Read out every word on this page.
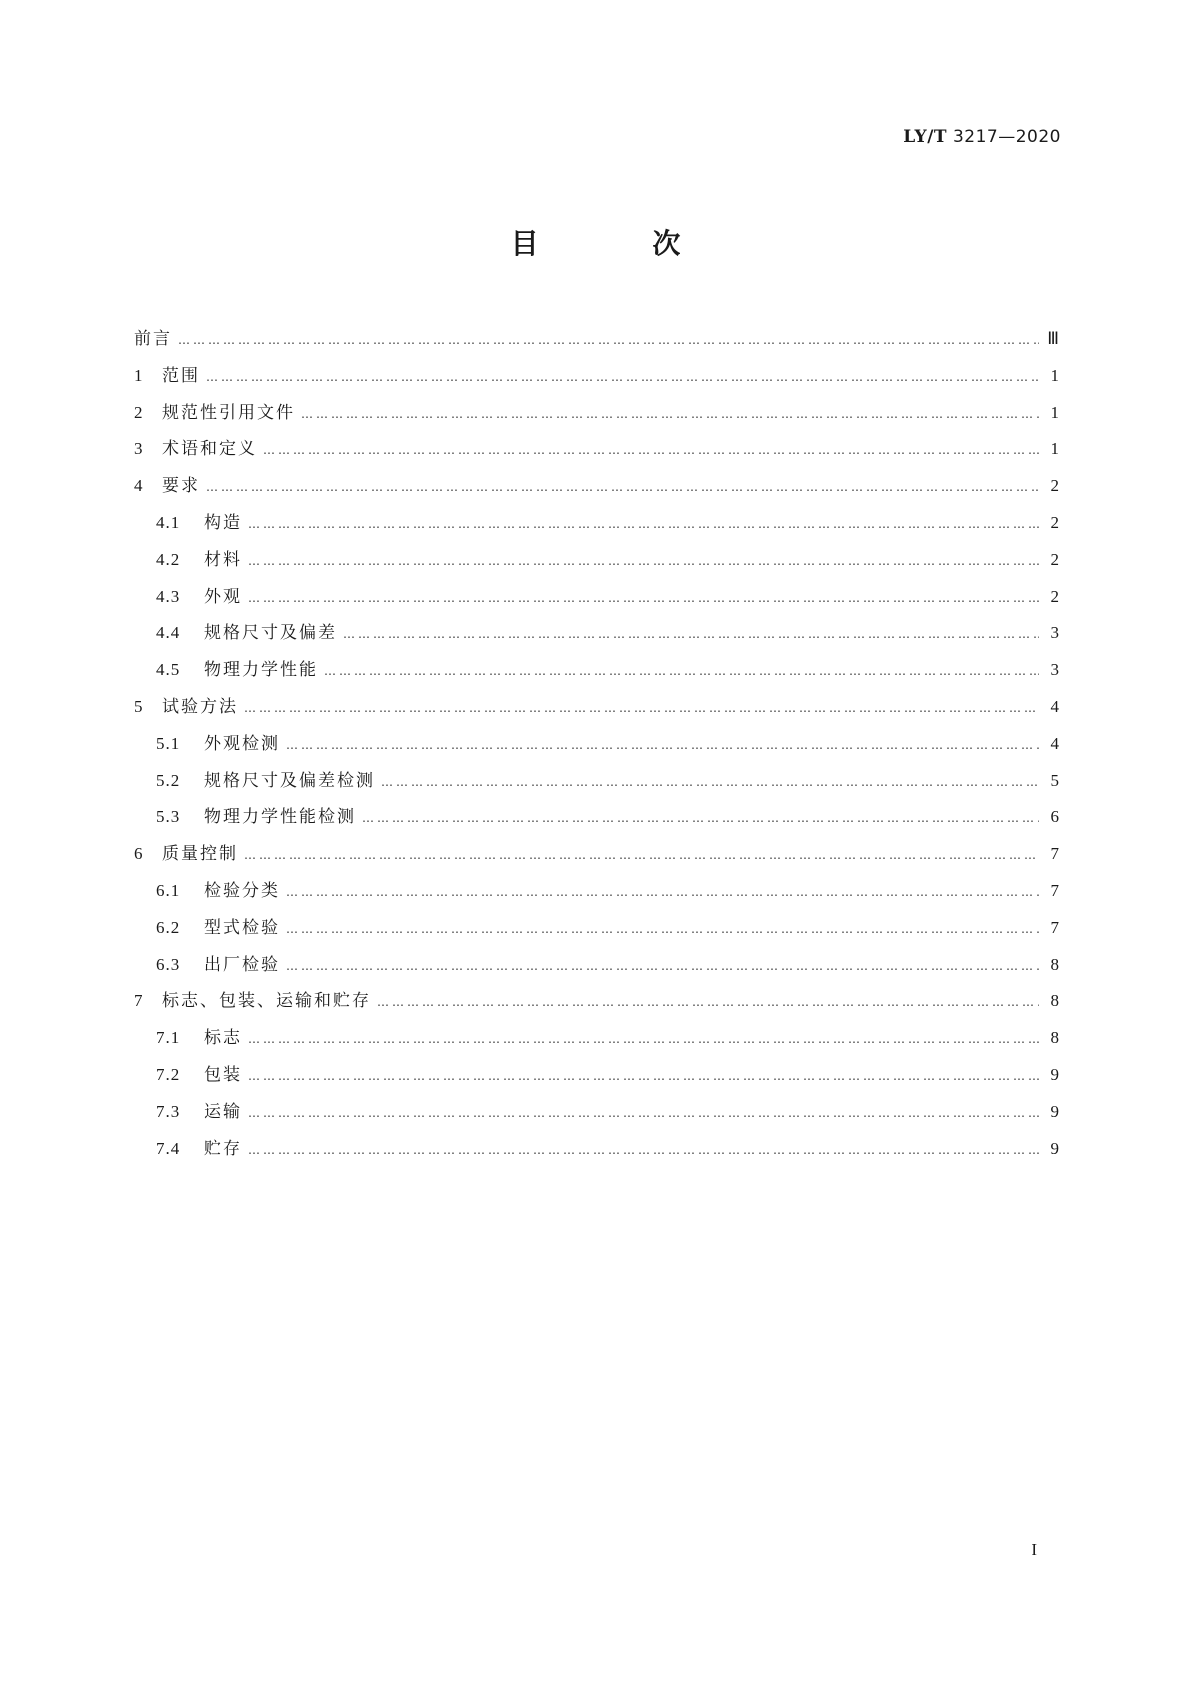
LY/T 3217—2020
目 次
前言 ……………………………………………………………………………………………………………………………………………………………………………………………………………………………………………………………………………	Ⅲ
1	范围 ……………………………………………………………………………………………………………………………………………………………………………………………………………………………………………………………………………	1
2	规范性引用文件 ……………………………………………………………………………………………………………………………………………………………………………………………………………………………………………………………………………	1
3	术语和定义 ……………………………………………………………………………………………………………………………………………………………………………………………………………………………………………………………………………	1
4	要求 ……………………………………………………………………………………………………………………………………………………………………………………………………………………………………………………………………………	2
4.1	构造 ……………………………………………………………………………………………………………………………………………………………………………………………………………………………………………………………………………	2
4.2	材料 ……………………………………………………………………………………………………………………………………………………………………………………………………………………………………………………………………………	2
4.3	外观 ……………………………………………………………………………………………………………………………………………………………………………………………………………………………………………………………………………	2
4.4	规格尺寸及偏差 ……………………………………………………………………………………………………………………………………………………………………………………………………………………………………………………………………………	3
4.5	物理力学性能 ……………………………………………………………………………………………………………………………………………………………………………………………………………………………………………………………………………	3
5	试验方法 ……………………………………………………………………………………………………………………………………………………………………………………………………………………………………………………………………………	4
5.1	外观检测 ……………………………………………………………………………………………………………………………………………………………………………………………………………………………………………………………………………	4
5.2	规格尺寸及偏差检测 ……………………………………………………………………………………………………………………………………………………………………………………………………………………………………………………………………………	5
5.3	物理力学性能检测 ……………………………………………………………………………………………………………………………………………………………………………………………………………………………………………………………………………	6
6	质量控制 ……………………………………………………………………………………………………………………………………………………………………………………………………………………………………………………………………………	7
6.1	检验分类 ……………………………………………………………………………………………………………………………………………………………………………………………………………………………………………………………………………	7
6.2	型式检验 ……………………………………………………………………………………………………………………………………………………………………………………………………………………………………………………………………………	7
6.3	出厂检验 ……………………………………………………………………………………………………………………………………………………………………………………………………………………………………………………………………………	8
7	标志、包装、运输和贮存 ……………………………………………………………………………………………………………………………………………………………………………………………………………………………………………………………………………	8
7.1	标志 ……………………………………………………………………………………………………………………………………………………………………………………………………………………………………………………………………………	8
7.2	包装 ……………………………………………………………………………………………………………………………………………………………………………………………………………………………………………………………………………	9
7.3	运输 ……………………………………………………………………………………………………………………………………………………………………………………………………………………………………………………………………………	9
7.4	贮存 ……………………………………………………………………………………………………………………………………………………………………………………………………………………………………………………………………………	9
I
